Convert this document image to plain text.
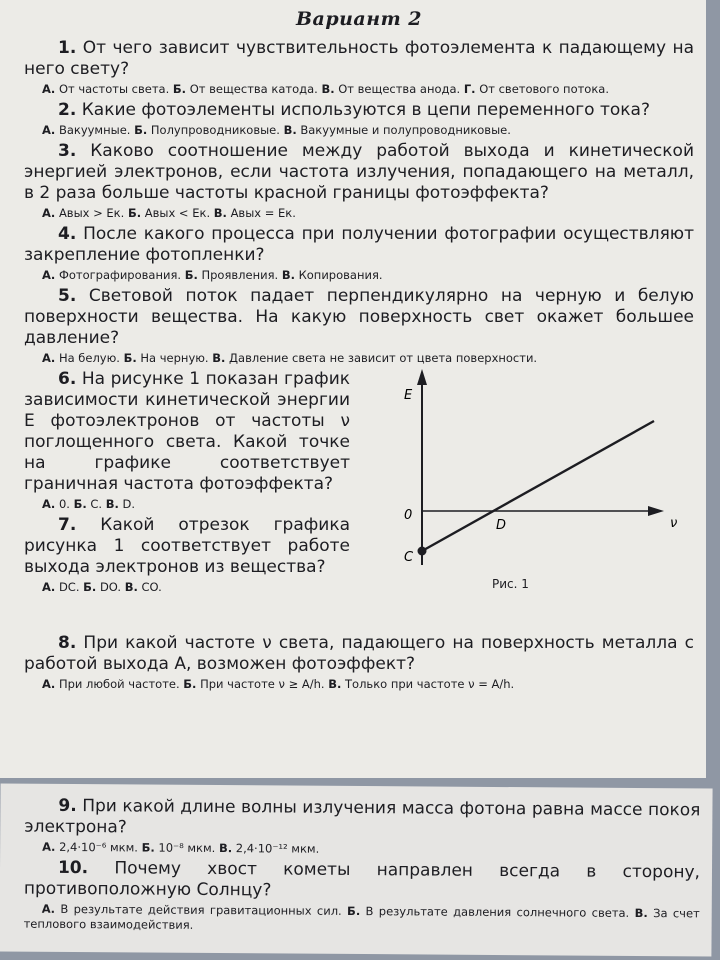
Вариант 2

1. От чего зависит чувствительность фотоэлемента к падающему на него свету?

А. От частоты света. Б. От вещества катода. В. От вещества анода. Г. От светового потока.

2. Какие фотоэлементы используются в цепи переменного тока?

А. Вакуумные. Б. Полупроводниковые. В. Вакуумные и полупроводниковые.

3. Каково соотношение между работой выхода и кинетической энергией электронов, если частота излучения, попадающего на металл, в 2 раза больше частоты красной границы фотоэффекта?

А. Aвых > Eк. Б. Aвых < Eк. В. Aвых = Eк.

4. После какого процесса при получении фотографии осуществляют закрепление фотопленки?

А. Фотографирования. Б. Проявления. В. Копирования.

5. Световой поток падает перпендикулярно на черную и белую поверхности вещества. На какую поверхность свет окажет большее давление?

А. На белую. Б. На черную. В. Давление света не зависит от цвета поверхности.

6. На рисунке 1 показан график зависимости кинетической энергии E фотоэлектронов от частоты ν поглощенного света. Какой точке на графике соответствует граничная частота фотоэффекта?

А. 0. Б. C. В. D.

7. Какой отрезок графика рисунка 1 соответствует работе выхода электронов из вещества?

А. DC. Б. DO. В. CO.

E
ν
0
C
D
Рис. 1

8. При какой частоте ν света, падающего на поверхность металла с работой выхода A, возможен фотоэффект?

А. При любой частоте. Б. При частоте ν ≥ A/h. В. Только при частоте ν = A/h.

9. При какой длине волны излучения масса фотона равна массе покоя электрона?

А. 2,4·10⁻⁶ мкм. Б. 10⁻⁸ мкм. В. 2,4·10⁻¹² мкм.

10. Почему хвост кометы направлен всегда в сторону, противоположную Солнцу?

А. В результате действия гравитационных сил. Б. В результате давления солнечного света. В. За счет теплового взаимодействия.
